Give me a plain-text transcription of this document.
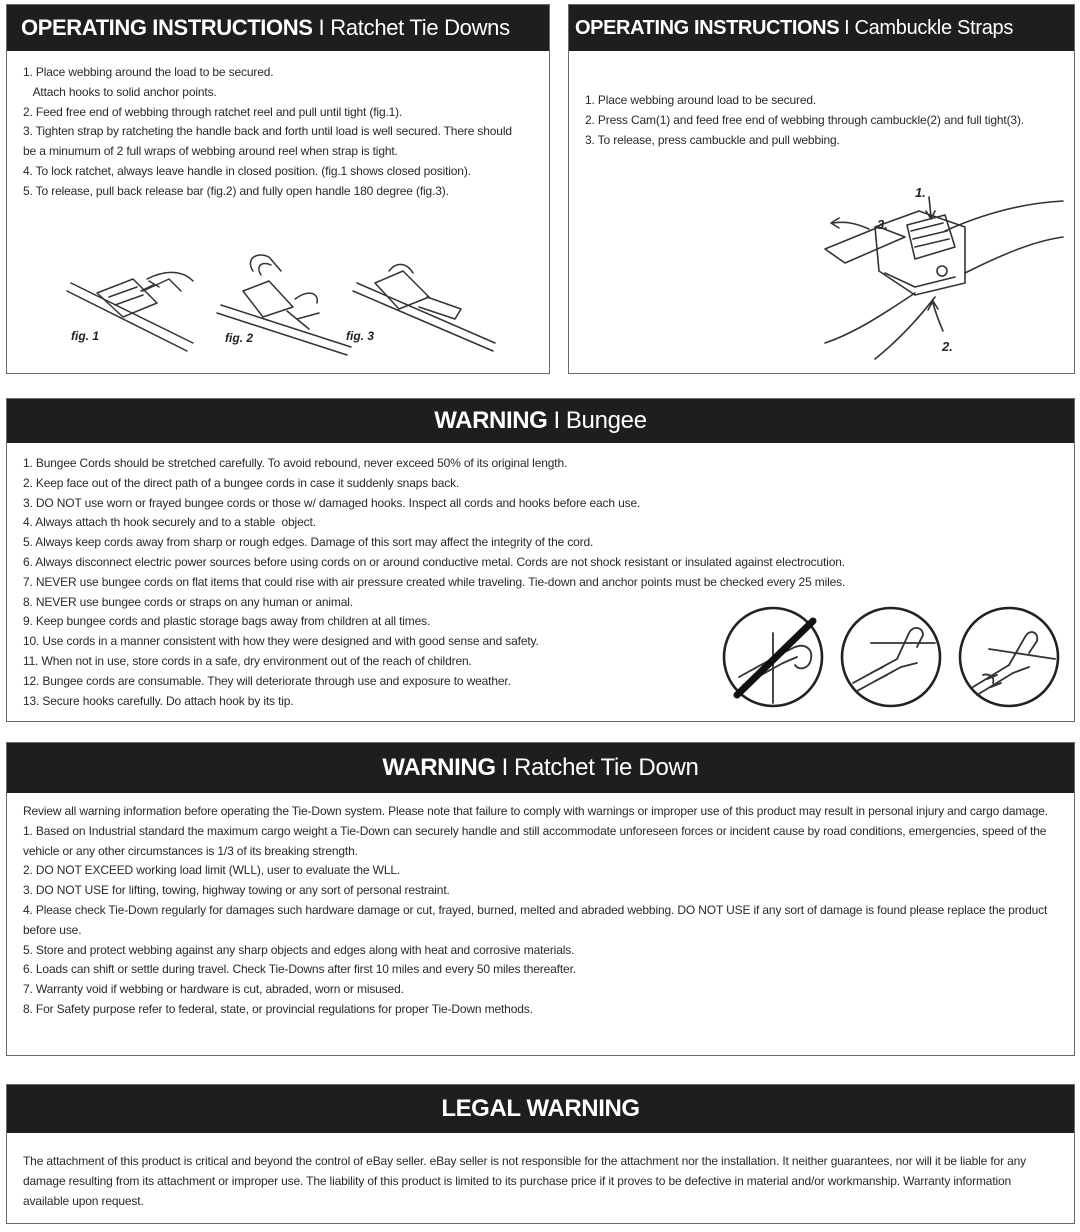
OPERATING INSTRUCTIONS I Ratchet Tie Downs
1. Place webbing around the load to be secured.
Attach hooks to solid anchor points.
2. Feed free end of webbing through ratchet reel and pull until tight (fig.1).
3. Tighten strap by ratcheting the handle back and forth until load is well secured. There should be a minumum of 2 full wraps of webbing around reel when strap is tight.
4. To lock ratchet, always leave handle in closed position. (fig.1 shows closed position).
5. To release, pull back release bar (fig.2) and fully open handle 180 degree (fig.3).
fig. 1	fig. 2	fig. 3
OPERATING INSTRUCTIONS I Cambuckle Straps
1. Place webbing around load to be secured.
2. Press Cam(1) and feed free end of webbing through cambuckle(2) and full tight(3).
3. To release, press cambuckle and pull webbing.
1.
2.
3.
WARNING I Bungee
1. Bungee Cords should be stretched carefully. To avoid rebound, never exceed 50% of its original length.
2. Keep face out of the direct path of a bungee cords in case it suddenly snaps back.
3. DO NOT use worn or frayed bungee cords or those w/ damaged hooks. Inspect all cords and hooks before each use.
4. Always attach th hook securely and to a stable  object.
5. Always keep cords away from sharp or rough edges. Damage of this sort may affect the integrity of the cord.
6. Always disconnect electric power sources before using cords on or around conductive metal. Cords are not shock resistant or insulated against electrocution.
7. NEVER use bungee cords on flat items that could rise with air pressure created while traveling. Tie-down and anchor points must be checked every 25 miles.
8. NEVER use bungee cords or straps on any human or animal.
9. Keep bungee cords and plastic storage bags away from children at all times.
10. Use cords in a manner consistent with how they were designed and with good sense and safety.
11. When not in use, store cords in a safe, dry environment out of the reach of children.
12. Bungee cords are consumable. They will deteriorate through use and exposure to weather.
13. Secure hooks carefully. Do attach hook by its tip.
WARNING I Ratchet Tie Down

Review all warning information before operating the Tie-Down system. Please note that failure to comply with warnings or improper use of this product may result in personal injury and cargo damage.

1. Based on Industrial standard the maximum cargo weight a Tie-Down can securely handle and still accommodate unforeseen forces or incident cause by road conditions, emergencies, speed of the vehicle or any other circumstances is 1/3 of its breaking strength.
2. DO NOT EXCEED working load limit (WLL), user to evaluate the WLL.
3. DO NOT USE for lifting, towing, highway towing or any sort of personal restraint.
4. Please check Tie-Down regularly for damages such hardware damage or cut, frayed, burned, melted and abraded webbing. DO NOT USE if any sort of damage is found please replace the product before use.
5. Store and protect webbing against any sharp objects and edges along with heat and corrosive materials.
6. Loads can shift or settle during travel. Check Tie-Downs after first 10 miles and every 50 miles thereafter.
7. Warranty void if webbing or hardware is cut, abraded, worn or misused.
8. For Safety purpose refer to federal, state, or provincial regulations for proper Tie-Down methods.
LEGAL WARNING

The attachment of this product is critical and beyond the control of eBay seller. eBay seller is not responsible for the attachment nor the installation. It neither guarantees, nor will it be liable for any damage resulting from its attachment or improper use. The liability of this product is limited to its purchase price if it proves to be defective in material and/or workmanship. Warranty information available upon request.
